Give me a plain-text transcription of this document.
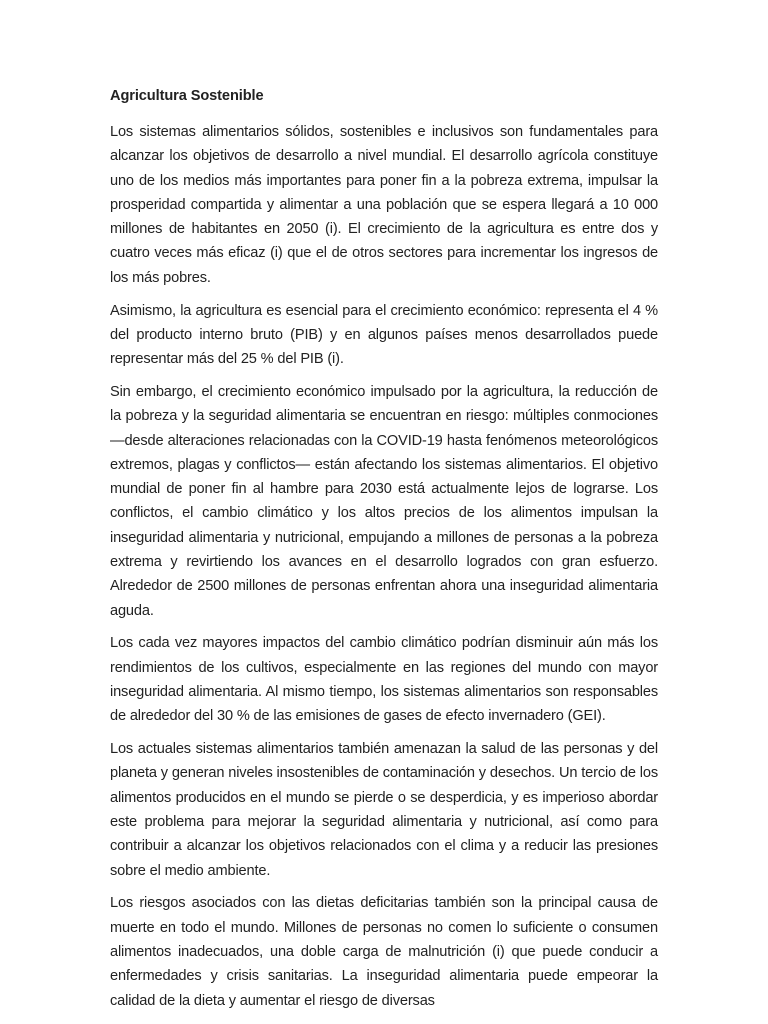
Agricultura Sostenible

Los sistemas alimentarios sólidos, sostenibles e inclusivos son fundamentales para alcanzar los objetivos de desarrollo a nivel mundial. El desarrollo agrícola constituye uno de los medios más importantes para poner fin a la pobreza extrema, impulsar la prosperidad compartida y alimentar a una población que se espera llegará a 10 000 millones de habitantes en 2050 (i). El crecimiento de la agricultura es entre dos y cuatro veces más eficaz (i) que el de otros sectores para incrementar los ingresos de los más pobres.

Asimismo, la agricultura es esencial para el crecimiento económico: representa el 4 % del producto interno bruto (PIB) y en algunos países menos desarrollados puede representar más del 25 % del PIB (i).

Sin embargo, el crecimiento económico impulsado por la agricultura, la reducción de la pobreza y la seguridad alimentaria se encuentran en riesgo: múltiples conmociones —desde alteraciones relacionadas con la COVID-19 hasta fenómenos meteorológicos extremos, plagas y conflictos— están afectando los sistemas alimentarios. El objetivo mundial de poner fin al hambre para 2030 está actualmente lejos de lograrse. Los conflictos, el cambio climático y los altos precios de los alimentos impulsan la inseguridad alimentaria y nutricional, empujando a millones de personas a la pobreza extrema y revirtiendo los avances en el desarrollo logrados con gran esfuerzo. Alrededor de 2500 millones de personas enfrentan ahora una inseguridad alimentaria aguda.

Los cada vez mayores impactos del cambio climático podrían disminuir aún más los rendimientos de los cultivos, especialmente en las regiones del mundo con mayor inseguridad alimentaria. Al mismo tiempo, los sistemas alimentarios son responsables de alrededor del 30 % de las emisiones de gases de efecto invernadero (GEI).

Los actuales sistemas alimentarios también amenazan la salud de las personas y del planeta y generan niveles insostenibles de contaminación y desechos. Un tercio de los alimentos producidos en el mundo se pierde o se desperdicia, y es imperioso abordar este problema para mejorar la seguridad alimentaria y nutricional, así como para contribuir a alcanzar los objetivos relacionados con el clima y a reducir las presiones sobre el medio ambiente.

Los riesgos asociados con las dietas deficitarias también son la principal causa de muerte en todo el mundo. Millones de personas no comen lo suficiente o consumen alimentos inadecuados, una doble carga de malnutrición (i) que puede conducir a enfermedades y crisis sanitarias. La inseguridad alimentaria puede empeorar la calidad de la dieta y aumentar el riesgo de diversas
